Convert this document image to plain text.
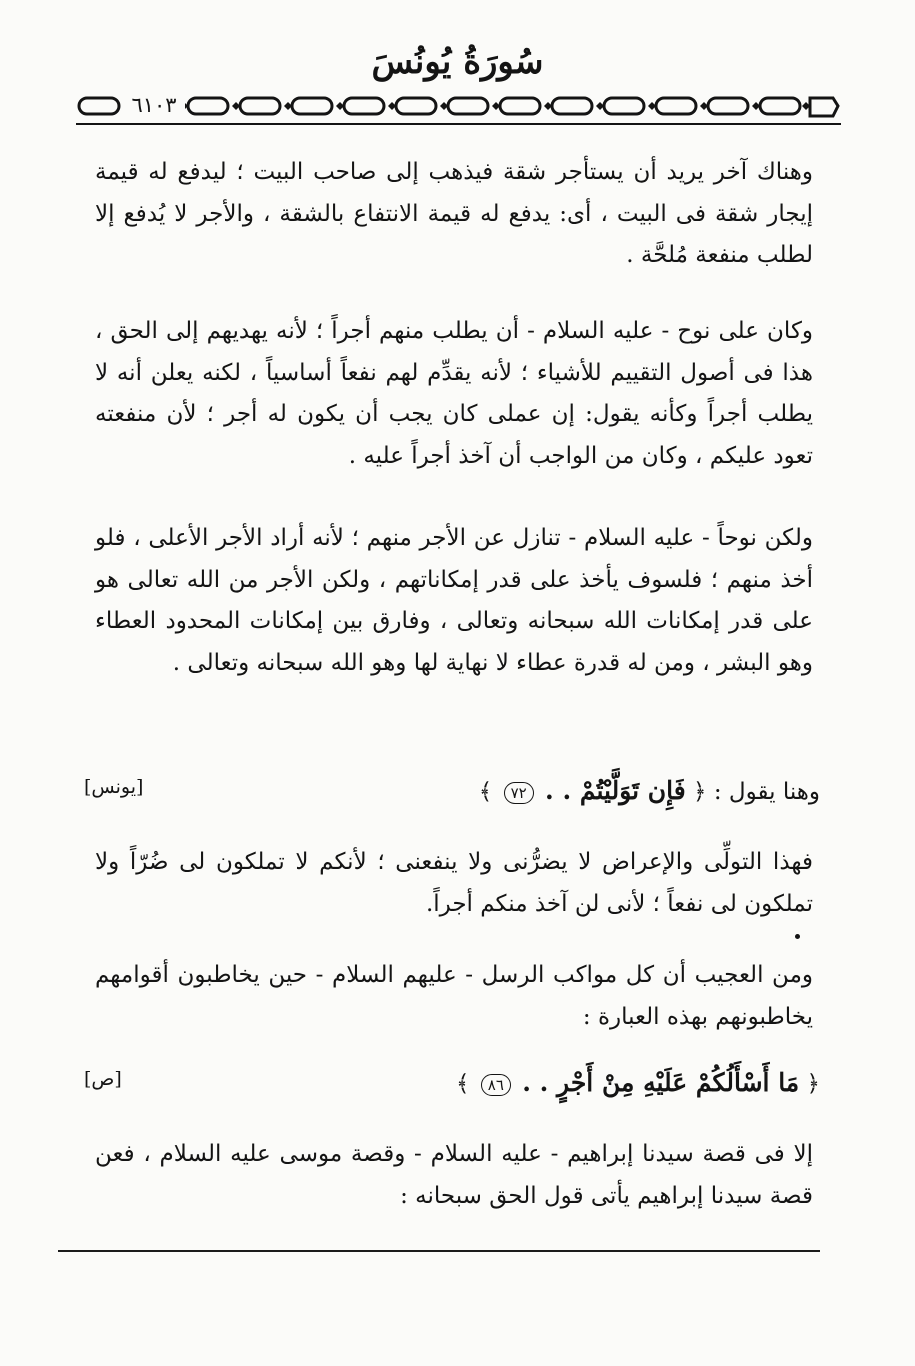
سُورَةُ يُونُسَ
٦١٠٣

وهناك آخر يريد أن يستأجر شقة فيذهب إلى صاحب البيت ؛ ليدفع له قيمة إيجار شقة فى البيت ، أى: يدفع له قيمة الانتفاع بالشقة ، والأجر لا يُدفع إلا لطلب منفعة مُلحَّة .

وكان على نوح - عليه السلام - أن يطلب منهم أجراً ؛ لأنه يهديهم إلى الحق ، هذا فى أصول التقييم للأشياء ؛ لأنه يقدِّم لهم نفعاً أساسياً ، لكنه يعلن أنه لا يطلب أجراً وكأنه يقول: إن عملى كان يجب أن يكون له أجر ؛ لأن منفعته تعود عليكم ، وكان من الواجب أن آخذ أجراً عليه .

ولكن نوحاً - عليه السلام - تنازل عن الأجر منهم ؛ لأنه أراد الأجر الأعلى ، فلو أخذ منهم ؛ فلسوف يأخذ على قدر إمكاناتهم ، ولكن الأجر من الله تعالى هو على قدر إمكانات الله سبحانه وتعالى ، وفارق بين إمكانات المحدود العطاء وهو البشر ، ومن له قدرة عطاء لا نهاية لها وهو الله سبحانه وتعالى .

وهنا يقول : ﴿ فَإِن تَوَلَّيْتُمْ . . ٧٢ ﴾
[يونس]

فهذا التولِّى والإعراض لا يضرُّنى ولا ينفعنى ؛ لأنكم لا تملكون لى ضُرّاً ولا تملكون لى نفعاً ؛ لأنى لن آخذ منكم أجراً.

ومن العجيب أن كل مواكب الرسل - عليهم السلام - حين يخاطبون أقوامهم يخاطبونهم بهذه العبارة :

﴿ مَا أَسْأَلُكُمْ عَلَيْهِ مِنْ أَجْرٍ . . ٨٦ ﴾
[ص]

إلا فى قصة سيدنا إبراهيم - عليه السلام - وقصة موسى عليه السلام ، فعن قصة سيدنا إبراهيم يأتى قول الحق سبحانه :
